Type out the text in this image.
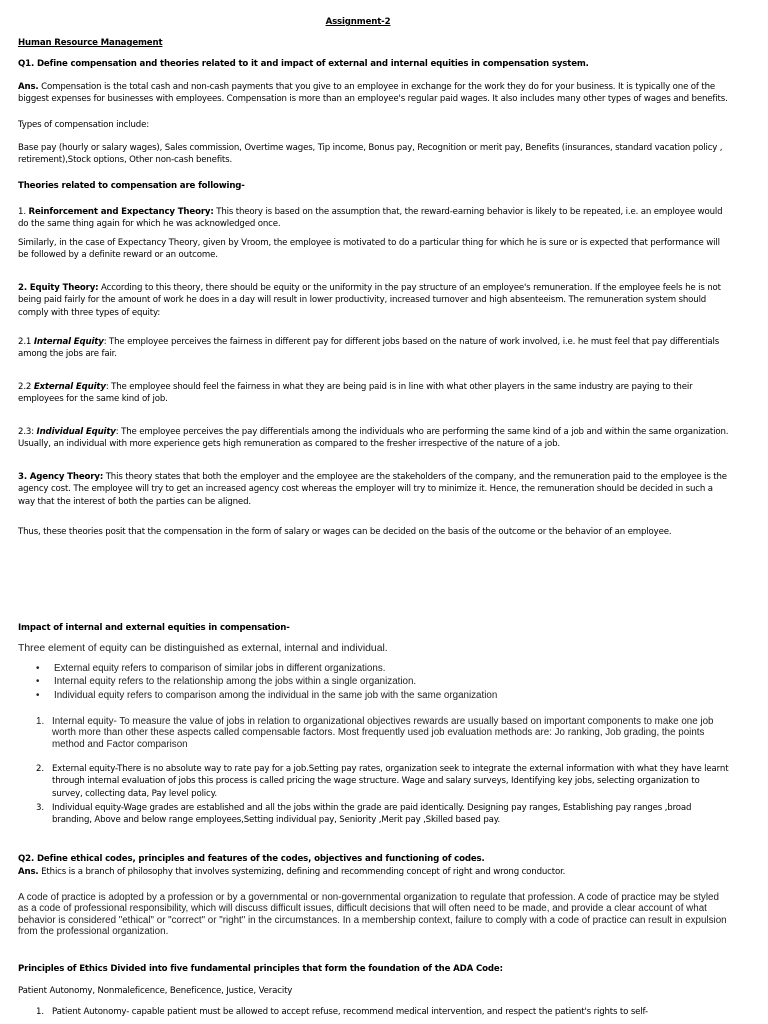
Assignment-2

Human Resource Management

Q1. Define compensation and theories related to it and impact of external and internal equities in compensation system.

Ans. Compensation is the total cash and non-cash payments that you give to an employee in exchange for the work they do for your business. It is typically one of the biggest expenses for businesses with employees. Compensation is more than an employee's regular paid wages. It also includes many other types of wages and benefits.

Types of compensation include:

Base pay (hourly or salary wages), Sales commission, Overtime wages, Tip income, Bonus pay, Recognition or merit pay, Benefits (insurances, standard vacation policy , retirement),Stock options, Other non-cash benefits.

Theories related to compensation are following-

1. Reinforcement and Expectancy Theory: This theory is based on the assumption that, the reward-earning behavior is likely to be repeated, i.e. an employee would do the same thing again for which he was acknowledged once.

Similarly, in the case of Expectancy Theory, given by Vroom, the employee is motivated to do a particular thing for which he is sure or is expected that performance will be followed by a definite reward or an outcome.

2. Equity Theory: According to this theory, there should be equity or the uniformity in the pay structure of an employee's remuneration. If the employee feels he is not being paid fairly for the amount of work he does in a day will result in lower productivity, increased turnover and high absenteeism. The remuneration system should comply with three types of equity:

2.1 Internal Equity: The employee perceives the fairness in different pay for different jobs based on the nature of work involved, i.e. he must feel that pay differentials among the jobs are fair.

2.2 External Equity: The employee should feel the fairness in what they are being paid is in line with what other players in the same industry are paying to their employees for the same kind of job.

2.3: Individual Equity: The employee perceives the pay differentials among the individuals who are performing the same kind of a job and within the same organization. Usually, an individual with more experience gets high remuneration as compared to the fresher irrespective of the nature of a job.

3. Agency Theory: This theory states that both the employer and the employee are the stakeholders of the company, and the remuneration paid to the employee is the agency cost. The employee will try to get an increased agency cost whereas the employer will try to minimize it. Hence, the remuneration should be decided in such a way that the interest of both the parties can be aligned.

Thus, these theories posit that the compensation in the form of salary or wages can be decided on the basis of the outcome or the behavior of an employee.

Impact of internal and external equities in compensation-

Three element of equity can be distinguished as external, internal and individual.

• External equity refers to comparison of similar jobs in different organizations.
• Internal equity refers to the relationship among the jobs within a single organization.
• Individual equity refers to comparison among the individual in the same job with the same organization
1. Internal equity- To measure the value of jobs in relation to organizational objectives rewards are usually based on important components to make one job worth more than other these aspects called compensable factors. Most frequently used job evaluation methods are: Jo ranking, Job grading, the points method and Factor comparison
2. External equity-There is no absolute way to rate pay for a job.Setting pay rates, organization seek to integrate the external information with what they have learnt through internal evaluation of jobs this process is called pricing the wage structure. Wage and salary surveys, Identifying key jobs, selecting organization to survey, collecting data, Pay level policy.
3. Individual equity-Wage grades are established and all the jobs within the grade are paid identically. Designing pay ranges, Establishing pay ranges ,broad branding, Above and below range employees,Setting individual pay, Seniority ,Merit pay ,Skilled based pay.

Q2. Define ethical codes, principles and features of the codes, objectives and functioning of codes.

Ans. Ethics is a branch of philosophy that involves systemizing, defining and recommending concept of right and wrong conductor.

A code of practice is adopted by a profession or by a governmental or non-governmental organization to regulate that profession. A code of practice may be styled as a code of professional responsibility, which will discuss difficult issues, difficult decisions that will often need to be made, and provide a clear account of what behavior is considered "ethical" or "correct" or "right" in the circumstances. In a membership context, failure to comply with a code of practice can result in expulsion from the professional organization.

Principles of Ethics Divided into five fundamental principles that form the foundation of the ADA Code:

Patient Autonomy, Nonmaleficence, Beneficence, Justice, Veracity

1. Patient Autonomy- capable patient must be allowed to accept refuse, recommend medical intervention, and respect the patient's rights to self-
